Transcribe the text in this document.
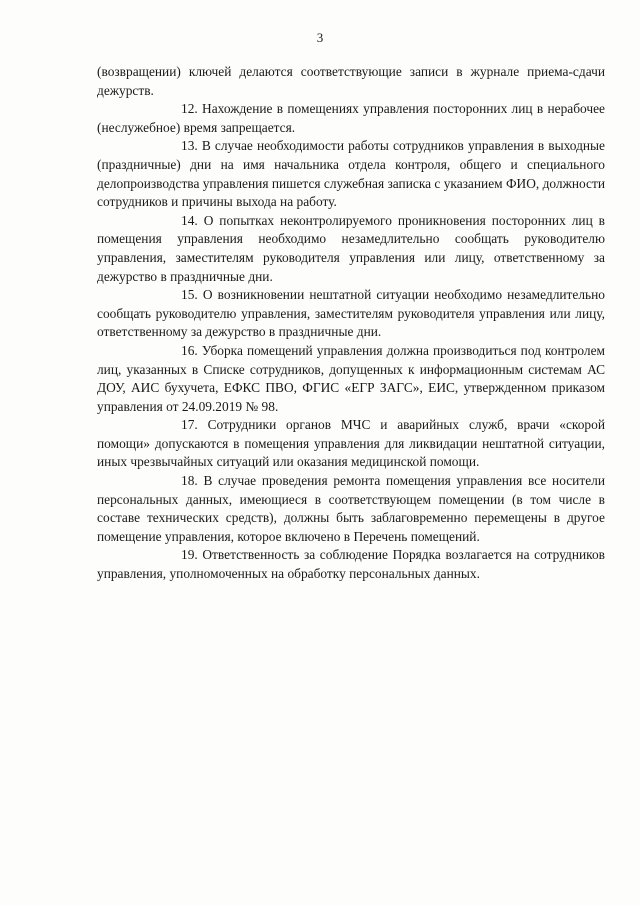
3

(возвращении) ключей делаются соответствующие записи в журнале приема-сдачи дежурств.

12. Нахождение в помещениях управления посторонних лиц в нерабочее (неслужебное) время запрещается.

13. В случае необходимости работы сотрудников управления в выходные (праздничные) дни на имя начальника отдела контроля, общего и специального делопроизводства управления пишется служебная записка с указанием ФИО, должности сотрудников и причины выхода на работу.

14. О попытках неконтролируемого проникновения посторонних лиц в помещения управления необходимо незамедлительно сообщать руководителю управления, заместителям руководителя управления или лицу, ответственному за дежурство в праздничные дни.

15. О возникновении нештатной ситуации необходимо незамедлительно сообщать руководителю управления, заместителям руководителя управления или лицу, ответственному за дежурство в праздничные дни.

16. Уборка помещений управления должна производиться под контролем лиц, указанных в Списке сотрудников, допущенных к информационным системам АС ДОУ, АИС бухучета, ЕФКС ПВО, ФГИС «ЕГР ЗАГС», ЕИС, утвержденном приказом управления от 24.09.2019 № 98.

17. Сотрудники органов МЧС и аварийных служб, врачи «скорой помощи» допускаются в помещения управления для ликвидации нештатной ситуации, иных чрезвычайных ситуаций или оказания медицинской помощи.

18. В случае проведения ремонта помещения управления все носители персональных данных, имеющиеся в соответствующем помещении (в том числе в составе технических средств), должны быть заблаговременно перемещены в другое помещение управления, которое включено в Перечень помещений.

19. Ответственность за соблюдение Порядка возлагается на сотрудников управления, уполномоченных на обработку персональных данных.
